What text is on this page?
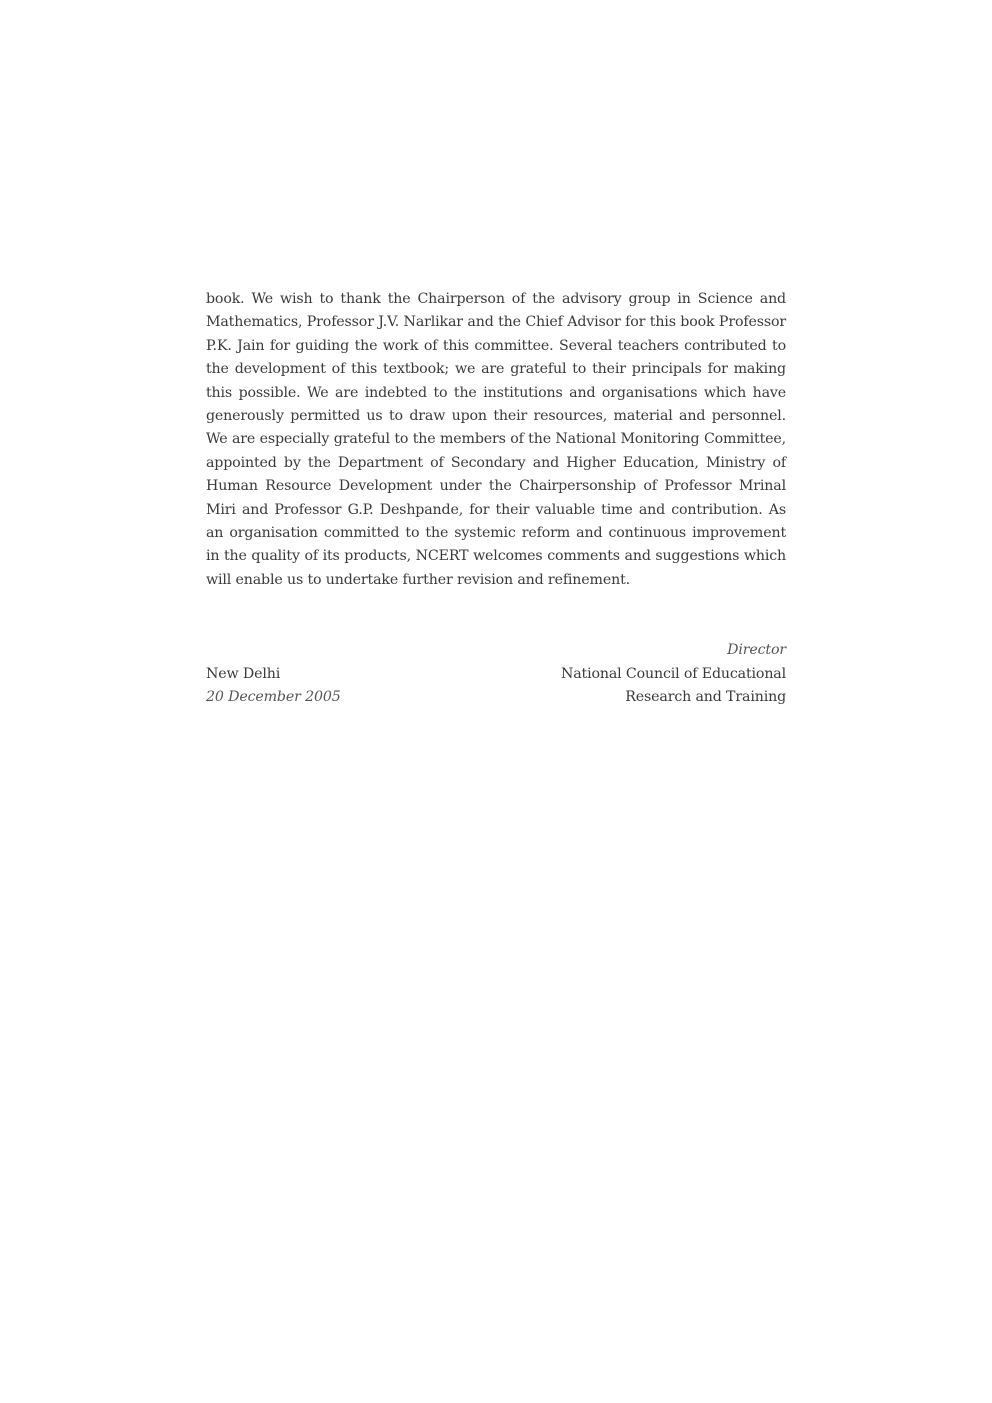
book. We wish to thank the Chairperson of the advisory group in Science and Mathematics, Professor J.V. Narlikar and the Chief Advisor for this book Professor P.K. Jain for guiding the work of this committee. Several teachers contributed to the development of this textbook; we are grateful to their principals for making this possible. We are indebted to the institutions and organisations which have generously permitted us to draw upon their resources, material and personnel. We are especially grateful to the members of the National Monitoring Committee, appointed by the Department of Secondary and Higher Education, Ministry of Human Resource Development under the Chairpersonship of Professor Mrinal Miri and Professor G.P. Deshpande, for their valuable time and contribution. As an organisation committed to the systemic reform and continuous improvement in the quality of its products, NCERT welcomes comments and suggestions which will enable us to undertake further revision and refinement.

New Delhi
20 December 2005
Director
National Council of Educational
Research and Training
